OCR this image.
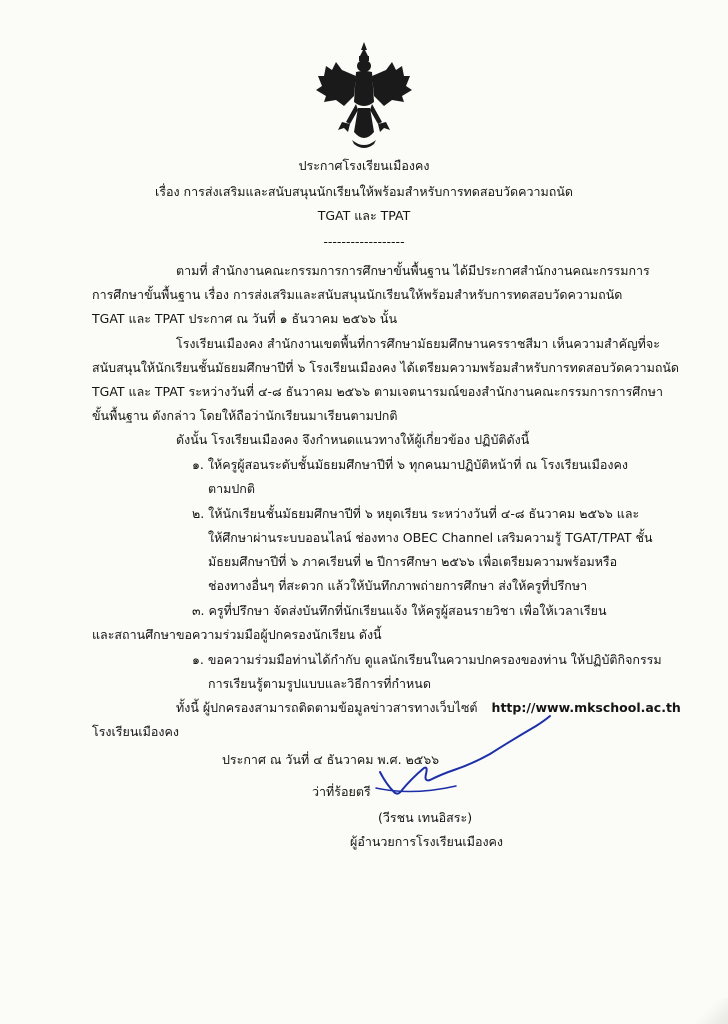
ประกาศโรงเรียนเมืองคง
เรื่อง การส่งเสริมและสนับสนุนนักเรียนให้พร้อมสำหรับการทดสอบวัดความถนัด
TGAT และ TPAT
------------------
ตามที่ สำนักงานคณะกรรมการการศึกษาขั้นพื้นฐาน ได้มีประกาศสำนักงานคณะกรรมการ
การศึกษาขั้นพื้นฐาน เรื่อง การส่งเสริมและสนับสนุนนักเรียนให้พร้อมสำหรับการทดสอบวัดความถนัด
TGAT และ TPAT ประกาศ ณ วันที่ ๑ ธันวาคม ๒๕๖๖ นั้น
โรงเรียนเมืองคง สำนักงานเขตพื้นที่การศึกษามัธยมศึกษานครราชสีมา เห็นความสำคัญที่จะ
สนับสนุนให้นักเรียนชั้นมัธยมศึกษาปีที่ ๖ โรงเรียนเมืองคง ได้เตรียมความพร้อมสำหรับการทดสอบวัดความถนัด
TGAT และ TPAT ระหว่างวันที่ ๔-๘ ธันวาคม ๒๕๖๖ ตามเจตนารมณ์ของสำนักงานคณะกรรมการการศึกษา
ขั้นพื้นฐาน ดังกล่าว โดยให้ถือว่านักเรียนมาเรียนตามปกติ
ดังนั้น โรงเรียนเมืองคง จึงกำหนดแนวทางให้ผู้เกี่ยวข้อง ปฏิบัติดังนี้
๑. ให้ครูผู้สอนระดับชั้นมัธยมศึกษาปีที่ ๖ ทุกคนมาปฏิบัติหน้าที่ ณ โรงเรียนเมืองคง
ตามปกติ
๒. ให้นักเรียนชั้นมัธยมศึกษาปีที่ ๖ หยุดเรียน ระหว่างวันที่ ๔-๘ ธันวาคม ๒๕๖๖ และ
ให้ศึกษาผ่านระบบออนไลน์ ช่องทาง OBEC Channel เสริมความรู้ TGAT/TPAT ชั้น
มัธยมศึกษาปีที่ ๖ ภาคเรียนที่ ๒ ปีการศึกษา ๒๕๖๖ เพื่อเตรียมความพร้อมหรือ
ช่องทางอื่นๆ ที่สะดวก แล้วให้บันทึกภาพถ่ายการศึกษา ส่งให้ครูที่ปรึกษา
๓. ครูที่ปรึกษา จัดส่งบันทึกที่นักเรียนแจ้ง ให้ครูผู้สอนรายวิชา เพื่อให้เวลาเรียน
และสถานศึกษาขอความร่วมมือผู้ปกครองนักเรียน ดังนี้
๑. ขอความร่วมมือท่านได้กำกับ ดูแลนักเรียนในความปกครองของท่าน ให้ปฏิบัติกิจกรรม
การเรียนรู้ตามรูปแบบและวิธีการที่กำหนด
ทั้งนี้ ผู้ปกครองสามารถติดตามข้อมูลข่าวสารทางเว็บไซต์ http://www.mkschool.ac.th
โรงเรียนเมืองคง
ประกาศ ณ วันที่ ๔ ธันวาคม พ.ศ. ๒๕๖๖
ว่าที่ร้อยตรี
(วีรชน เทนอิสระ)
ผู้อำนวยการโรงเรียนเมืองคง
